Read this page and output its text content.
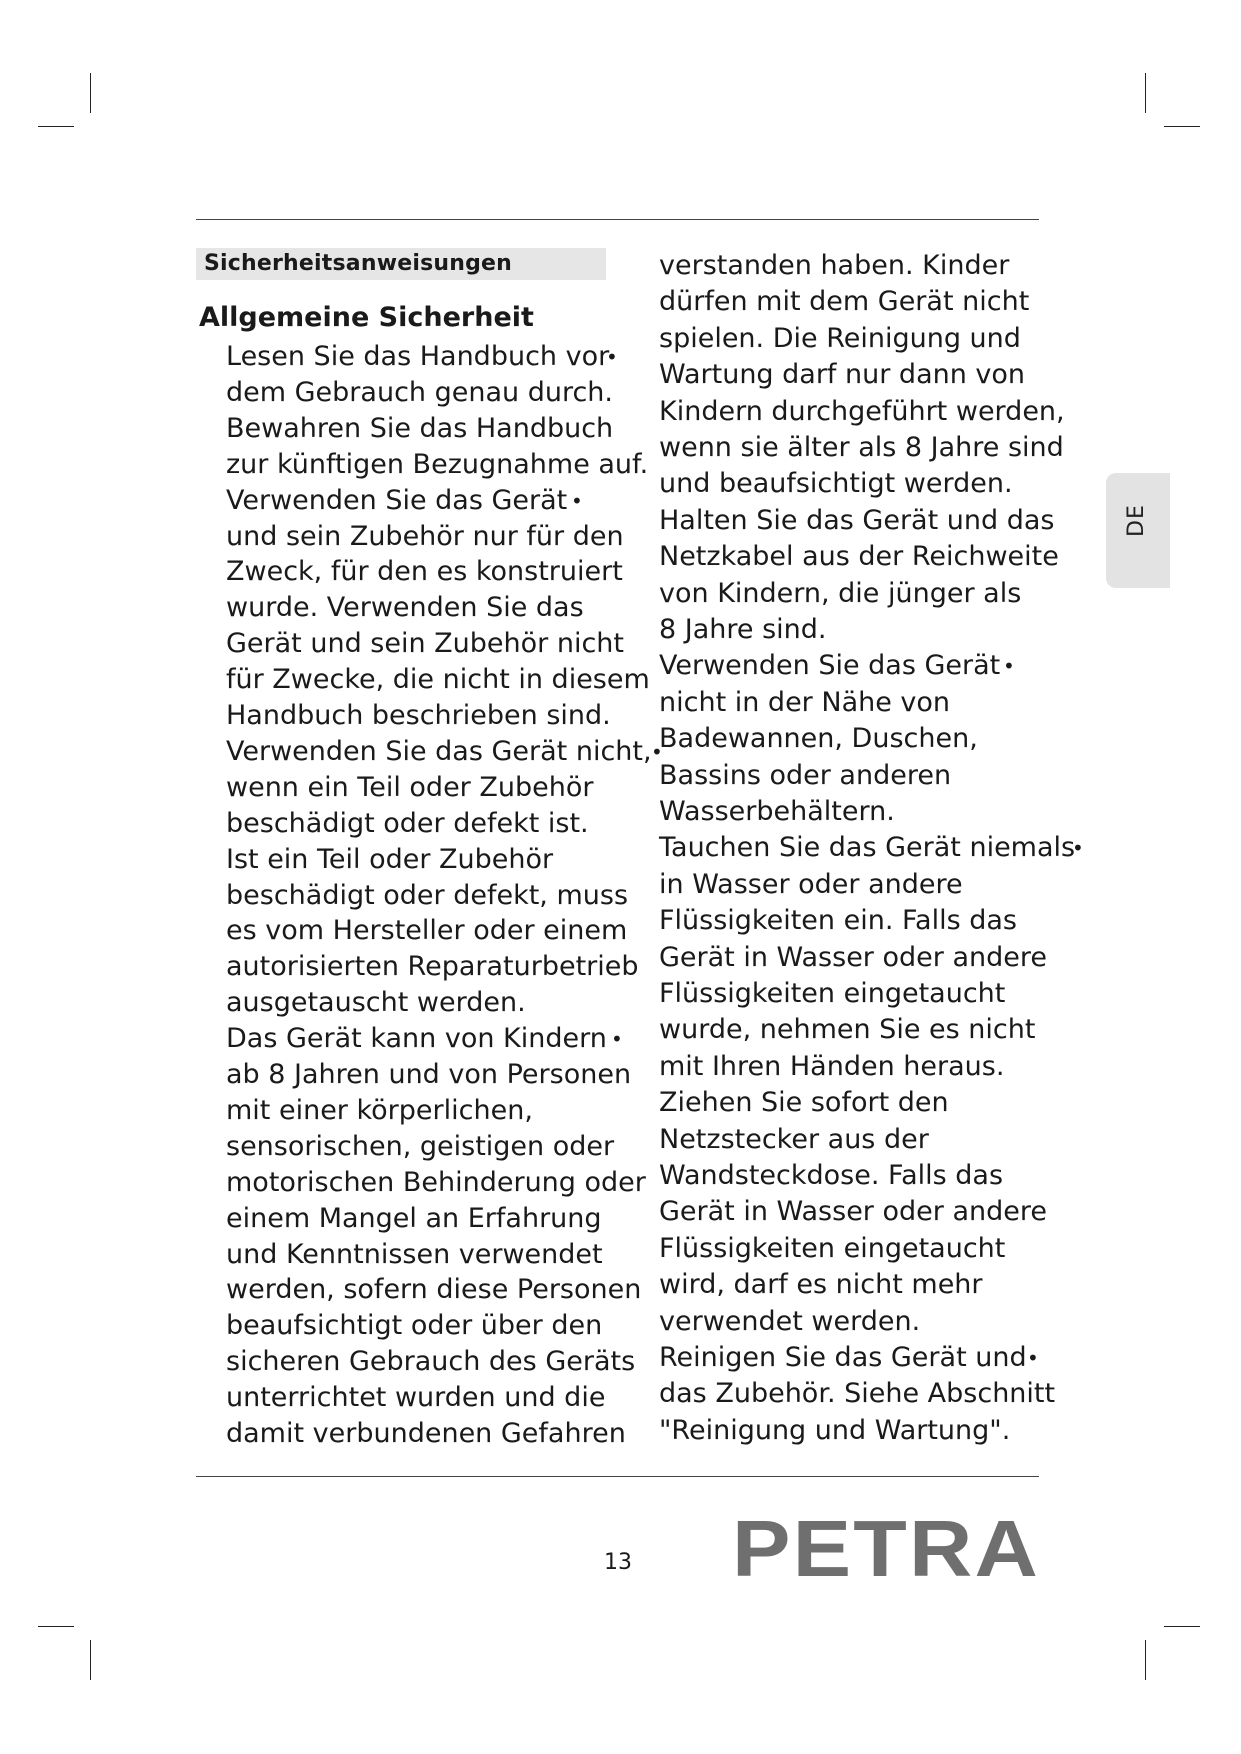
Sicherheitsanweisungen
Allgemeine Sicherheit
Lesen Sie das Handbuch vor
dem Gebrauch genau durch.
Bewahren Sie das Handbuch
zur künftigen Bezugnahme auf.
Verwenden Sie das Gerät
und sein Zubehör nur für den
Zweck, für den es konstruiert
wurde. Verwenden Sie das
Gerät und sein Zubehör nicht
für Zwecke, die nicht in diesem
Handbuch beschrieben sind.
Verwenden Sie das Gerät nicht,
wenn ein Teil oder Zubehör
beschädigt oder defekt ist.
Ist ein Teil oder Zubehör
beschädigt oder defekt, muss
es vom Hersteller oder einem
autorisierten Reparaturbetrieb
ausgetauscht werden.
Das Gerät kann von Kindern
ab 8 Jahren und von Personen
mit einer körperlichen,
sensorischen, geistigen oder
motorischen Behinderung oder
einem Mangel an Erfahrung
und Kenntnissen verwendet
werden, sofern diese Personen
beaufsichtigt oder über den
sicheren Gebrauch des Geräts
unterrichtet wurden und die
damit verbundenen Gefahren
•
•
•
•
verstanden haben. Kinder
dürfen mit dem Gerät nicht
spielen. Die Reinigung und
Wartung darf nur dann von
Kindern durchgeführt werden,
wenn sie älter als 8 Jahre sind
und beaufsichtigt werden.
Halten Sie das Gerät und das
Netzkabel aus der Reichweite
von Kindern, die jünger als
8 Jahre sind.
Verwenden Sie das Gerät
nicht in der Nähe von
Badewannen, Duschen,
Bassins oder anderen
Wasserbehältern.
Tauchen Sie das Gerät niemals
in Wasser oder andere
Flüssigkeiten ein. Falls das
Gerät in Wasser oder andere
Flüssigkeiten eingetaucht
wurde, nehmen Sie es nicht
mit Ihren Händen heraus.
Ziehen Sie sofort den
Netzstecker aus der
Wandsteckdose. Falls das
Gerät in Wasser oder andere
Flüssigkeiten eingetaucht
wird, darf es nicht mehr
verwendet werden.
Reinigen Sie das Gerät und
das Zubehör. Siehe Abschnitt
"Reinigung und Wartung".
•
•
•
DE
13 PETRA
